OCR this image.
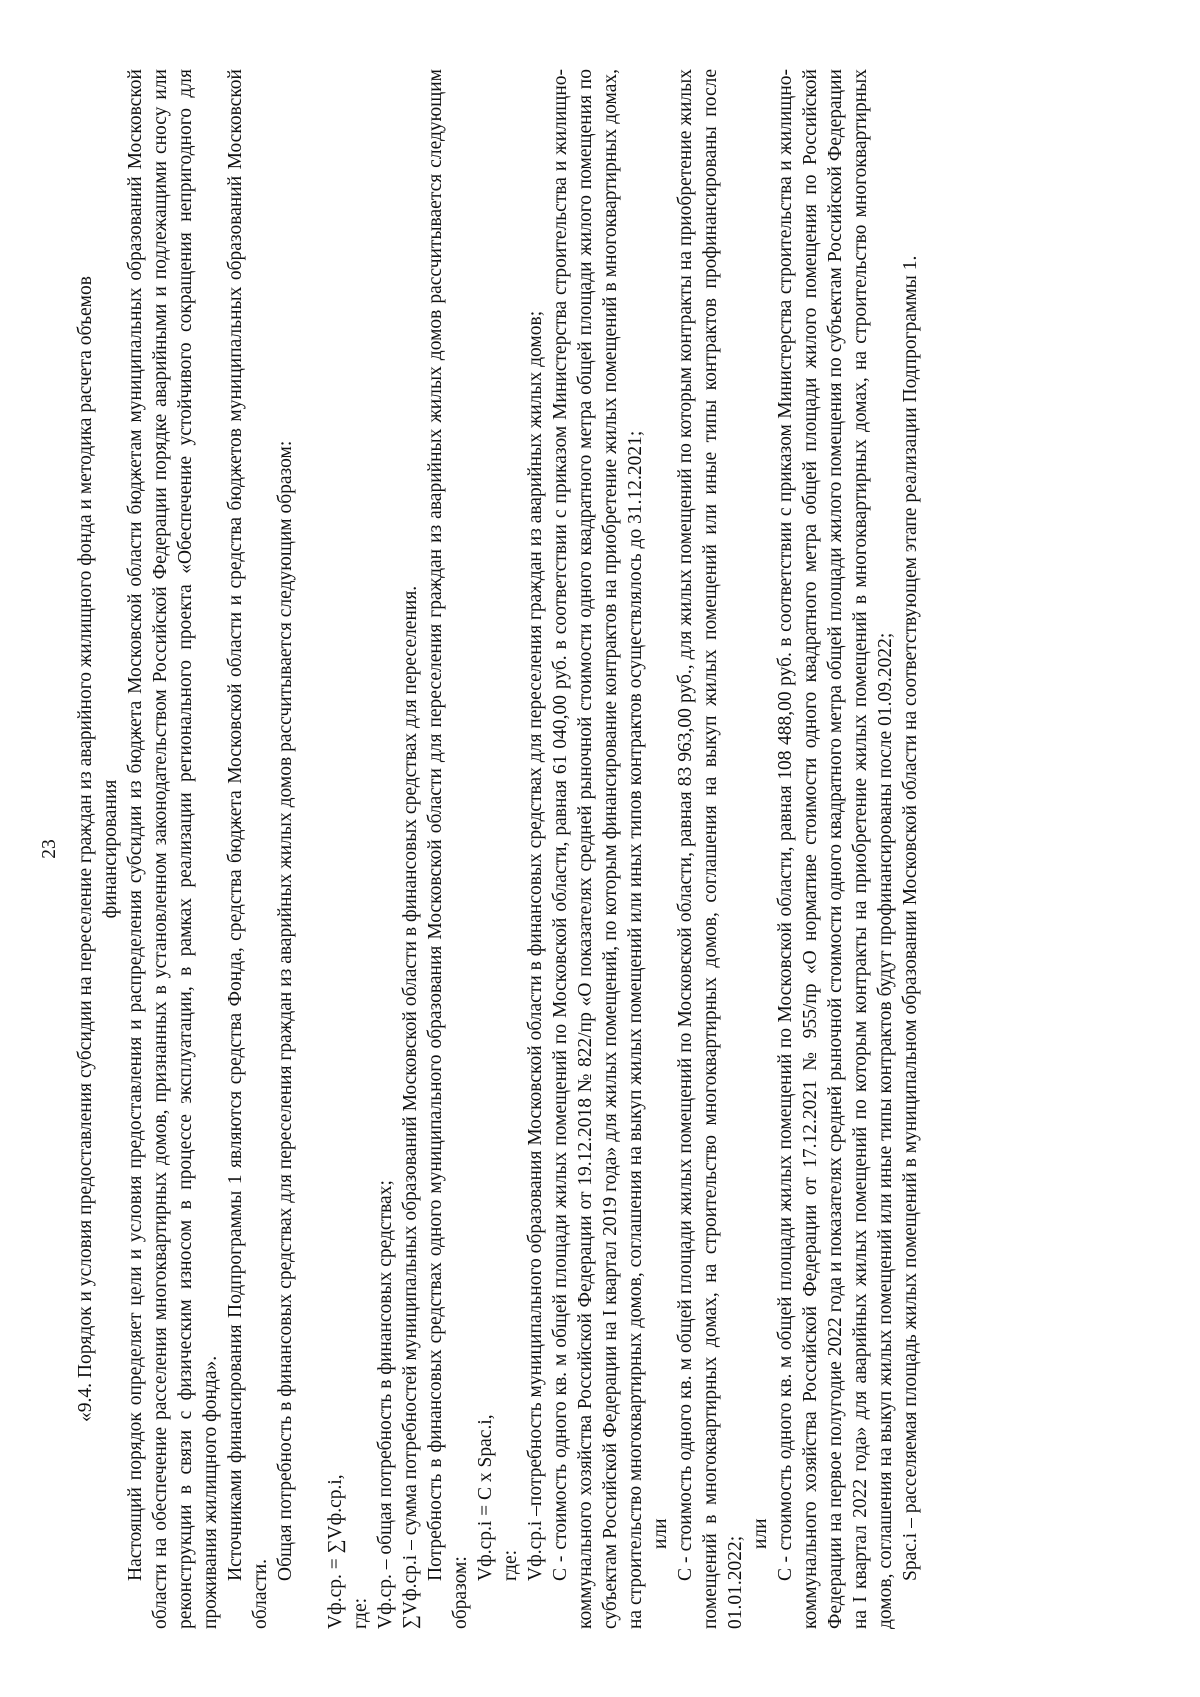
23 «9.4. Порядок и условия предоставления субсидии на переселение граждан из аварийного жилищного фонда и методика расчета объемов финансирования Настоящий порядок определяет цели и условия предоставления и распределения субсидии из бюджета Московской области бюджетам муниципальных образований Московской области на обеспечение расселения многоквартирных домов, признанных в установленном законодательством Российской Федерации порядке аварийными и подлежащими сносу или реконструкции в связи с физическим износом в процессе эксплуатации, в рамках реализации регионального проекта «Обеспечение устойчивого сокращения непригодного для проживания жилищного фонда». Источниками финансирования Подпрограммы 1 являются средства Фонда, средства бюджета Московской области и средства бюджетов муниципальных образований Московской области.

Общая потребность в финансовых средствах для переселения граждан из аварийных жилых домов рассчитывается следующим образом: Vф.ср. = ∑Vф.ср.i, где: Vф.ср. – общая потребность в финансовых средствах; ∑Vф.ср.i – сумма потребностей муниципальных образований Московской области в финансовых средствах для переселения. Потребность в финансовых средствах одного муниципального образования Московской области для переселения граждан из аварийных жилых домов рассчитывается следующим образом:

Vф.ср.i = C x Spac.i, где: Vф.ср.i –потребность муниципального образования Московской области в финансовых средствах для переселения граждан из аварийных жилых домов; С - стоимость одного кв. м общей площади жилых помещений по Московской области, равная 61 040,00 руб. в соответствии с приказом Министерства строительства и жилищно-коммунального хозяйства Российской Федерации от 19.12.2018 № 822/пр «О показателях средней рыночной стоимости одного квадратного метра общей площади жилого помещения по субъектам Российской Федерации на I квартал 2019 года» для жилых помещений, по которым финансирование контрактов на приобретение жилых помещений в многоквартирных домах, на строительство многоквартирных домов, соглашения на выкуп жилых помещений или иных типов контрактов осуществлялось до 31.12.2021; или С - стоимость одного кв. м общей площади жилых помещений по Московской области, равная 83 963,00 руб., для жилых помещений по которым контракты на приобретение жилых помещений в многоквартирных домах, на строительство многоквартирных домов, соглашения на выкуп жилых помещений или иные типы контрактов профинансированы после 01.01.2022;

или С - стоимость одного кв. м общей площади жилых помещений по Московской области, равная 108 488,00 руб. в соответствии с приказом Министерства строительства и жилищно-коммунального хозяйства Российской Федерации от 17.12.2021 № 955/пр «О нормативе стоимости одного квадратного метра общей площади жилого помещения по Российской Федерации на первое полугодие 2022 года и показателях средней рыночной стоимости одного квадратного метра общей площади жилого помещения по субъектам Российской Федерации на I квартал 2022 года» для аварийных жилых помещений по которым контракты на приобретение жилых помещений в многоквартирных домах, на строительство многоквартирных домов, соглашения на выкуп жилых помещений или иные типы контрактов будут профинансированы после 01.09.2022; Spac.i – расселяемая площадь жилых помещений в муниципальном образовании Московской области на соответствующем этапе реализации Подпрограммы 1.
